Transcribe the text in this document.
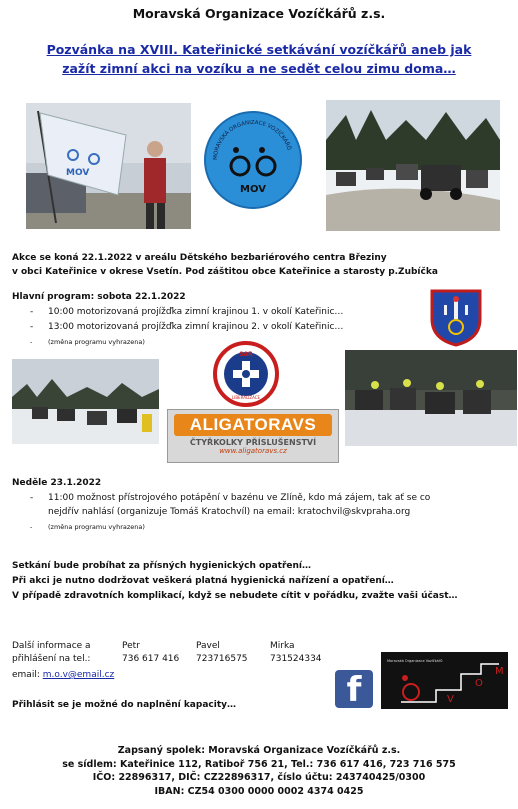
Moravská Organizace Vozíčkářů z.s.
Pozvánka na XVIII. Kateřinické setkávání vozíčkářů aneb jak
zažít zimní akci na vozíku a ne sedět celou zimu doma…
MOV
MORAVSKÁ ORGANIZACE VOZÍČKÁŘŮ
MOV
Akce se koná 22.1.2022 v areálu Dětského bezbariérového centra Březiny
v obci Kateřinice v okrese Vsetín. Pod záštitou obce Kateřinice a starosty p.Zubíčka
Hlavní program: sobota 22.1.2022
- 10:00 motorizovaná projížďka zimní krajinou 1. v okolí Kateřinic…
- 13:00 motorizovaná projížďka zimní krajinou 2. v okolí Kateřinic…
- (změna programu vyhrazena)
SAR
LIBERALIZACE
ALIGATORAVS
ČTYŘKOLKY PŘÍSLUŠENSTVÍ
www.aligatoravs.cz
Neděle 23.1.2022
- 11:00 možnost přístrojového potápění v bazénu ve Zlíně, kdo má zájem, tak ať se co
nejdřív nahlásí (organizuje Tomáš Kratochvíl) na email: kratochvil@skvpraha.org
- (změna programu vyhrazena)
Setkání bude probíhat za přísných hygienických opatření…
Při akci je nutno dodržovat veškerá platná hygienická nařízení a opatření…
V případě zdravotních komplikací, když se nebudete cítit v pořádku, zvažte vaši účast…
Další informace a
přihlášení na tel.:
Petr
736 617 416
Pavel
723716575
Mirka
731524334
email: m.o.v@email.cz
Přihlásit se je možné do naplnění kapacity…	f
Moravská Organizace Vozíčkářů
M
O
V
Zapsaný spolek: Moravská Organizace Vozíčkářů z.s.
se sídlem: Kateřinice 112, Ratiboř 756 21, Tel.: 736 617 416, 723 716 575
IČO: 22896317, DIČ: CZ22896317, číslo účtu: 243740425/0300
IBAN: CZ54 0300 0000 0002 4374 0425
